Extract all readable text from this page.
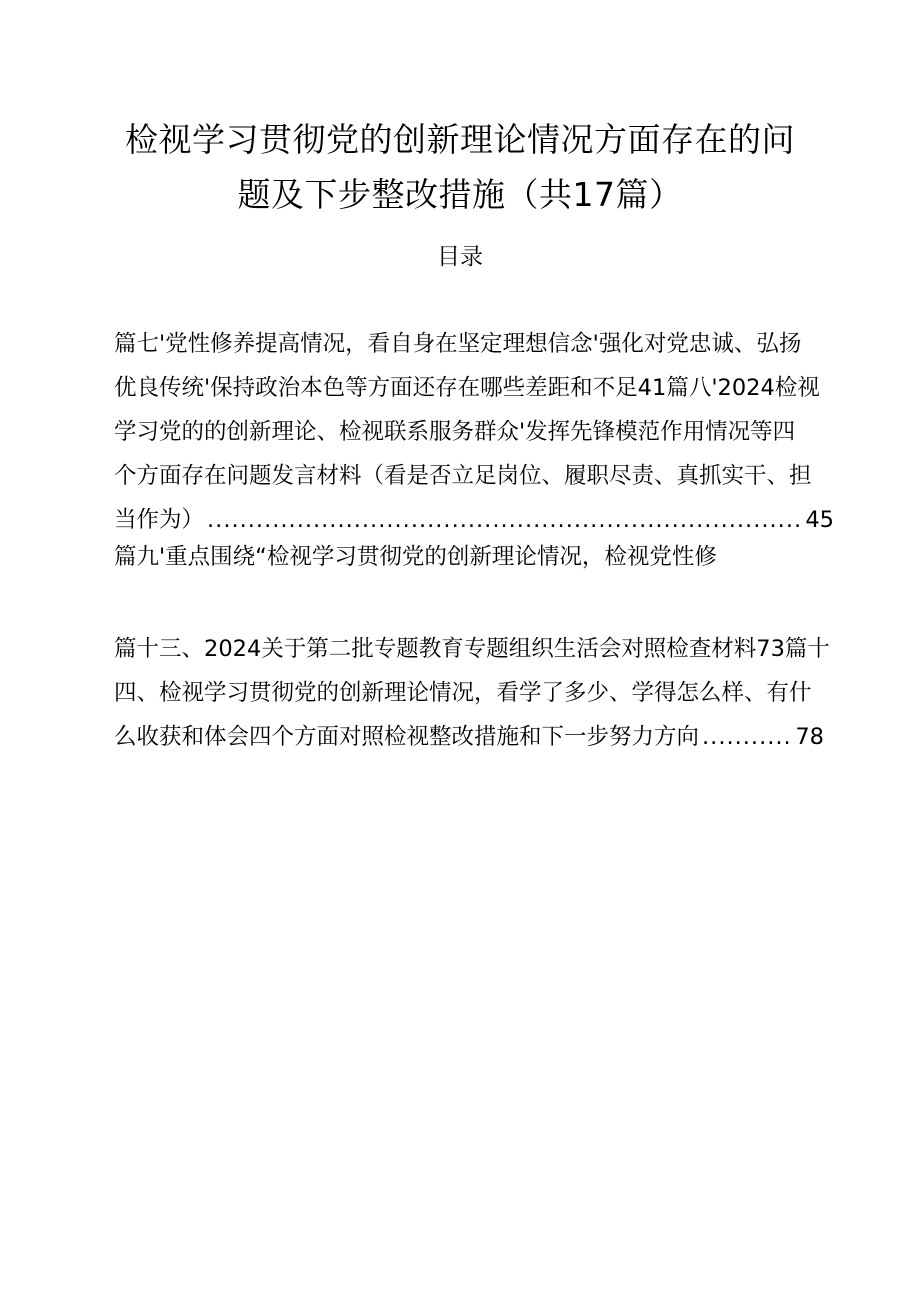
检视学习贯彻党的创新理论情况方面存在的问
题及下步整改措施（共17篇）
目录
篇七'党性修养提高情况，看自身在坚定理想信念'强化对党忠诚、弘扬
优良传统'保持政治本色等方面还存在哪些差距和不足41篇八'2024检视
学习党的的创新理论、检视联系服务群众'发挥先锋模范作用情况等四
个方面存在问题发言材料（看是否立足岗位、履职尽责、真抓实干、担
当作为） .....	45
篇九'重点围绕“检视学习贯彻党的创新理论情况，检视党性修
篇十三、2024关于第二批专题教育专题组织生活会对照检查材料73篇十
四、检视学习贯彻党的创新理论情况，看学了多少、学得怎么样、有什
么收获和体会四个方面对照检视整改措施和下一步努力方向 .....	78
